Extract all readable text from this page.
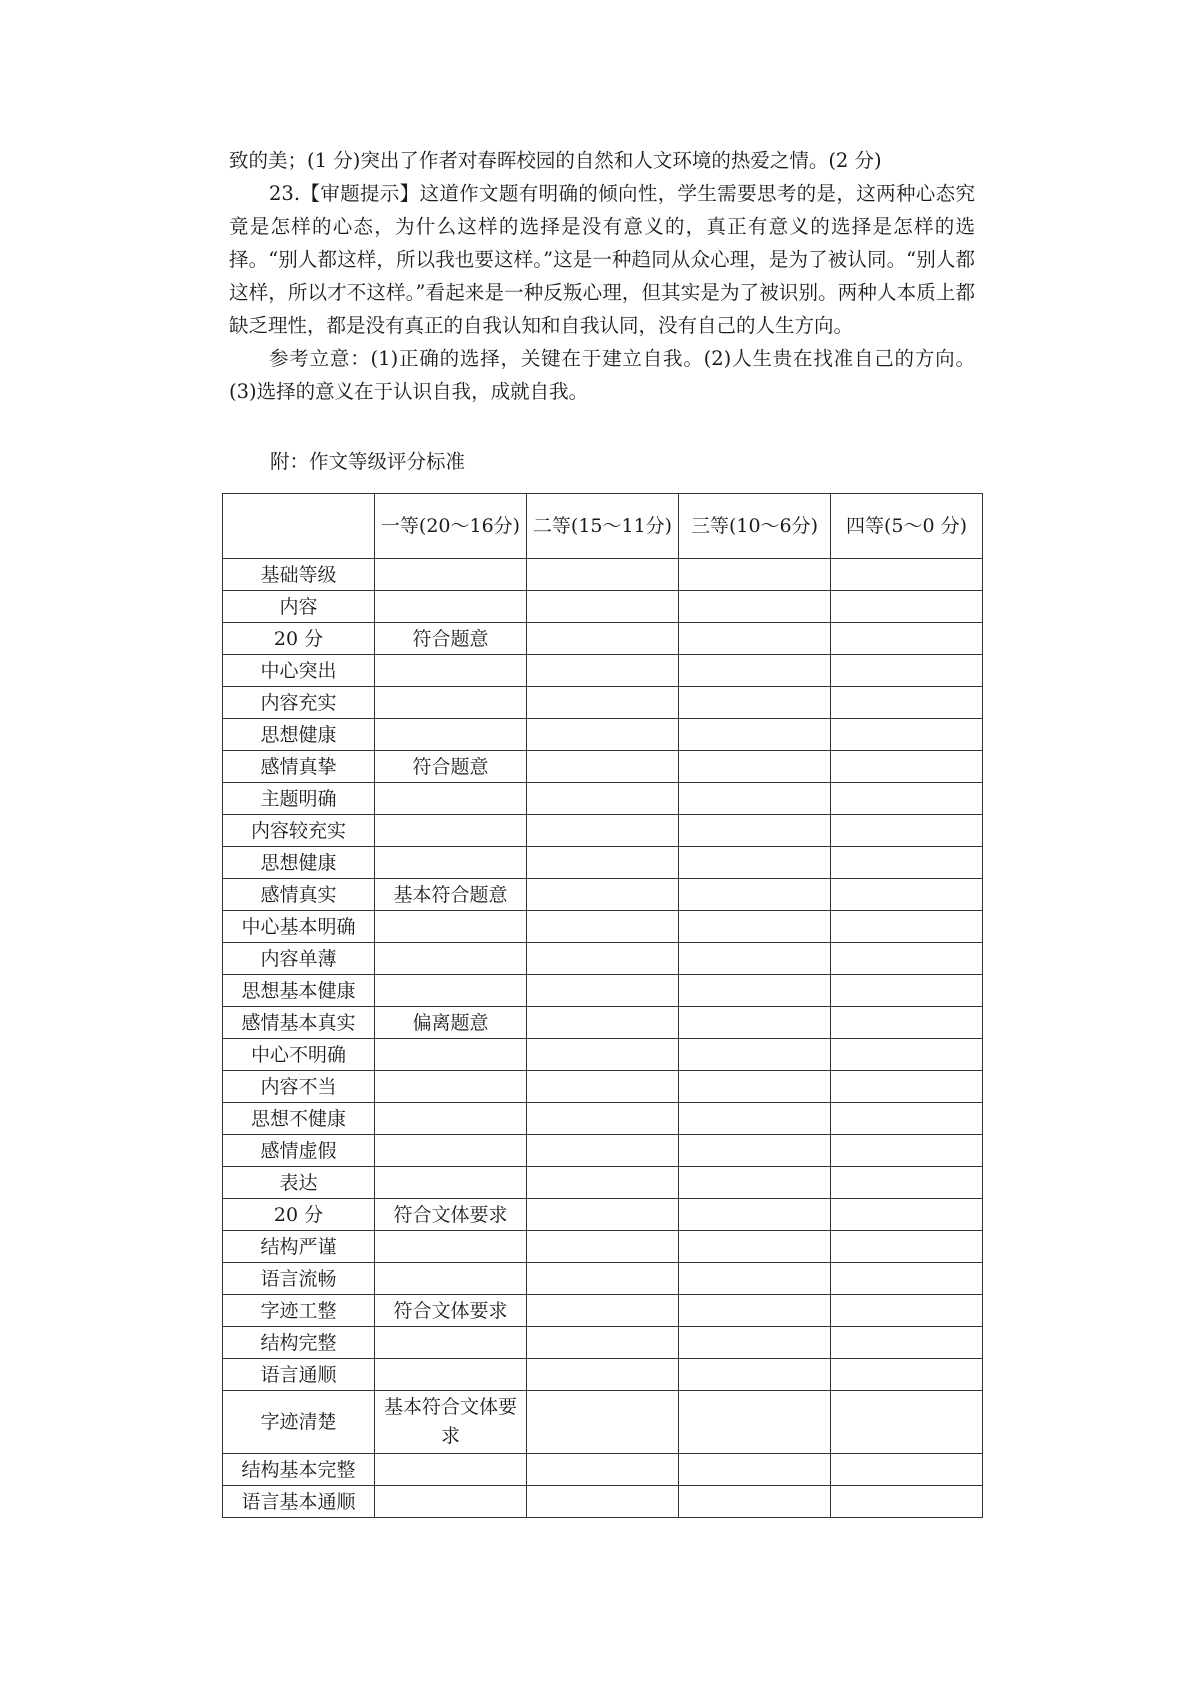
致的美；(1 分)突出了作者对春晖校园的自然和人文环境的热爱之情。(2 分)

23.【审题提示】这道作文题有明确的倾向性，学生需要思考的是，这两种心态究竟是怎样的心态，为什么这样的选择是没有意义的，真正有意义的选择是怎样的选择。“别人都这样，所以我也要这样。”这是一种趋同从众心理，是为了被认同。“别人都这样，所以才不这样。”看起来是一种反叛心理，但其实是为了被识别。两种人本质上都缺乏理性，都是没有真正的自我认知和自我认同，没有自己的人生方向。

参考立意：(1)正确的选择，关键在于建立自我。(2)人生贵在找准自己的方向。(3)选择的意义在于认识自我，成就自我。

附：作文等级评分标准
	一等(20～16分)	二等(15～11分)	三等(10～6分)	四等(5～0 分)
基础等级				
内容				
20 分	符合题意			
中心突出				
内容充实				
思想健康				
感情真挚	符合题意			
主题明确				
内容较充实				
思想健康				
感情真实	基本符合题意			
中心基本明确				
内容单薄				
思想基本健康				
感情基本真实	偏离题意			
中心不明确				
内容不当				
思想不健康				
感情虚假				
表达				
20 分	符合文体要求			
结构严谨				
语言流畅				
字迹工整	符合文体要求			
结构完整				
语言通顺				
字迹清楚	基本符合文体要求			
结构基本完整				
语言基本通顺				
